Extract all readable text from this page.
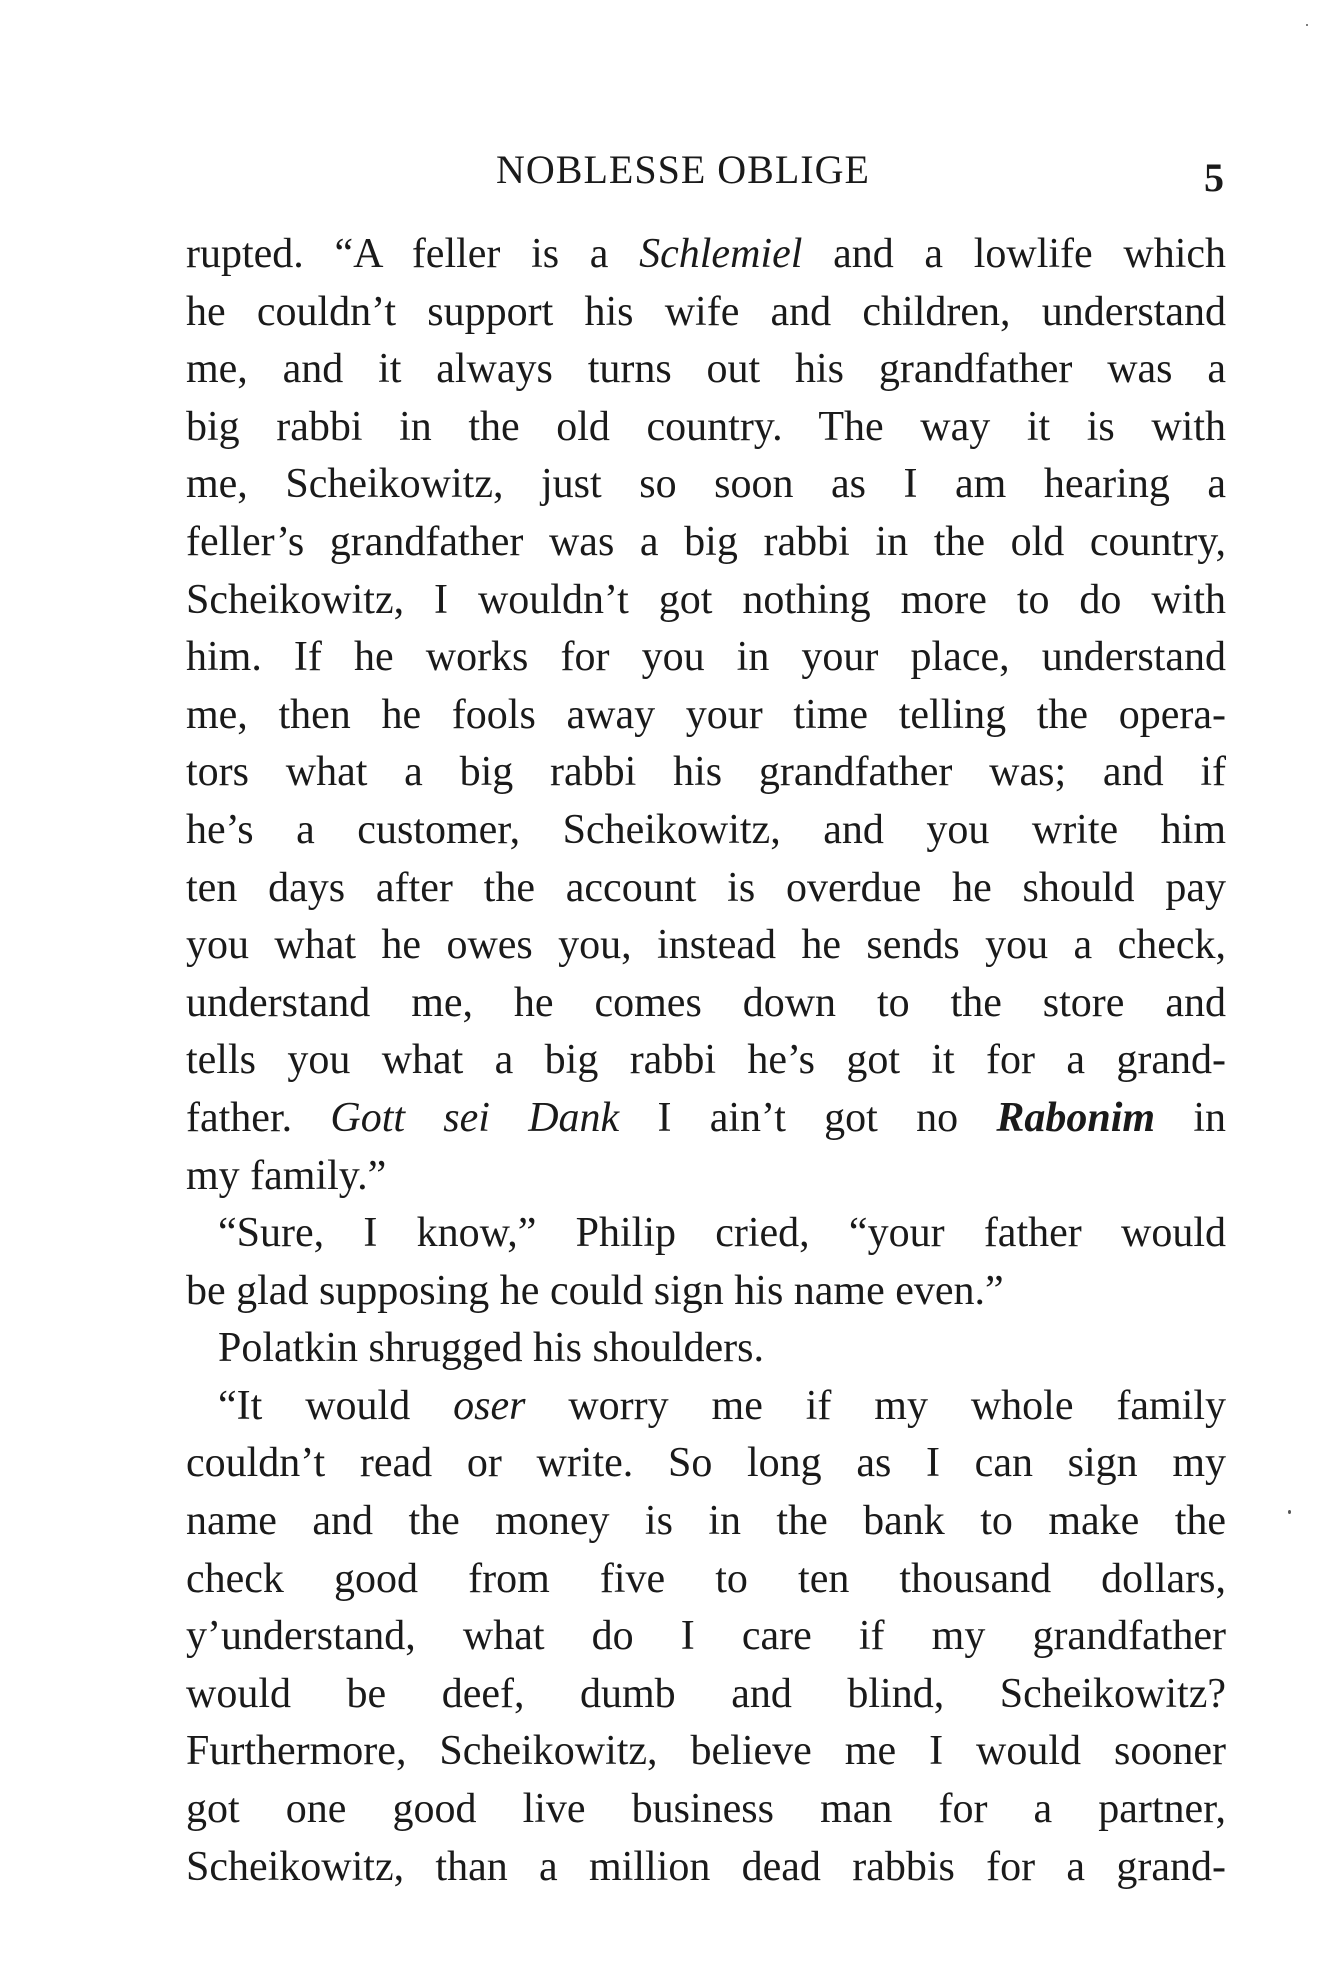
NOBLESSE OBLIGE	5
rupted. “A feller is a Schlemiel and a lowlife which
he couldn’t support his wife and children, understand
me, and it always turns out his grandfather was a
big rabbi in the old country. The way it is with
me, Scheikowitz, just so soon as I am hearing a
feller’s grandfather was a big rabbi in the old country,
Scheikowitz, I wouldn’t got nothing more to do with
him. If he works for you in your place, understand
me, then he fools away your time telling the opera-
tors what a big rabbi his grandfather was; and if
he’s a customer, Scheikowitz, and you write him
ten days after the account is overdue he should pay
you what he owes you, instead he sends you a check,
understand me, he comes down to the store and
tells you what a big rabbi he’s got it for a grand-
father. Gott sei Dank I ain’t got no Rabonim in
my family.”
“Sure, I know,” Philip cried, “your father would
be glad supposing he could sign his name even.”
Polatkin shrugged his shoulders.
“It would oser worry me if my whole family
couldn’t read or write. So long as I can sign my
name and the money is in the bank to make the
check good from five to ten thousand dollars,
y’understand, what do I care if my grandfather
would be deef, dumb and blind, Scheikowitz?
Furthermore, Scheikowitz, believe me I would sooner
got one good live business man for a partner,
Scheikowitz, than a million dead rabbis for a grand-
